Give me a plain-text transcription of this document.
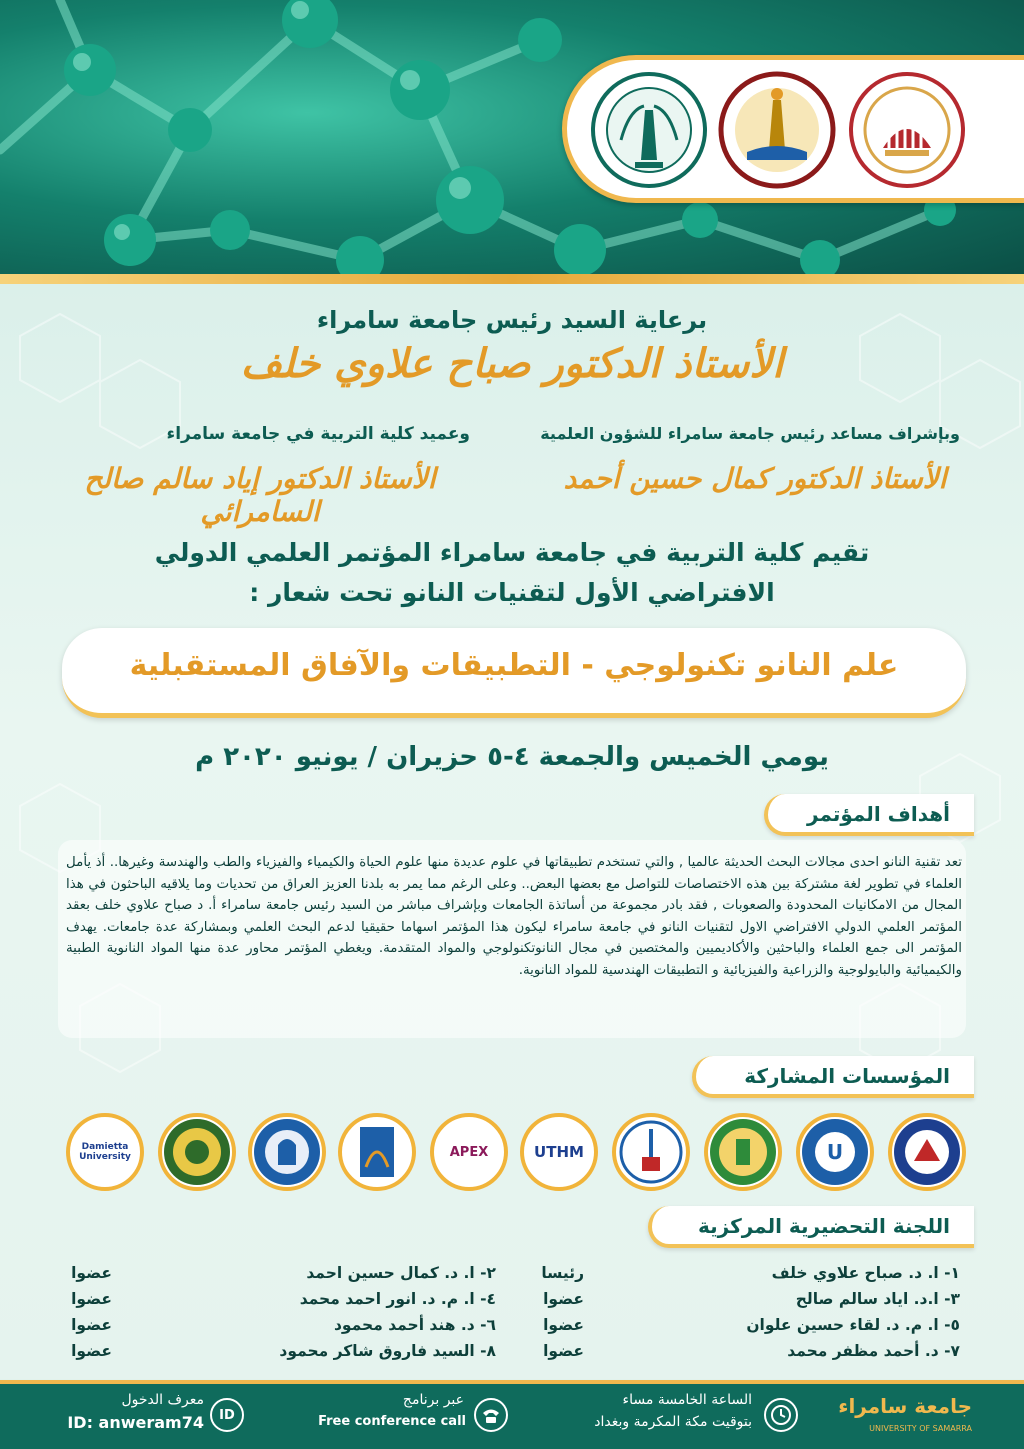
برعاية السيد رئيس جامعة سامراء
الأستاذ الدكتور صباح علاوي خلف
وعميد كلية التربية في جامعة سامراء	وبإشراف مساعد رئيس جامعة سامراء للشؤون العلمية
الأستاذ الدكتور إياد سالم صالح السامرائي
الأستاذ الدكتور كمال حسين أحمد
تقيم كلية التربية في جامعة سامراء المؤتمر العلمي الدولي
الافتراضي الأول لتقنيات النانو تحت شعار :
علم النانو تكنولوجي - التطبيقات والآفاق المستقبلية
يومي الخميس والجمعة ٤-٥ حزيران / يونيو ٢٠٢٠ م
أهداف المؤتمر
تعد تقنية النانو احدى مجالات البحث الحديثة عالميا , والتي تستخدم تطبيقاتها في علوم عديدة منها علوم الحياة والكيمياء والفيزياء والطب والهندسة وغيرها.. أذ يأمل العلماء في تطوير لغة مشتركة بين هذه الاختصاصات للتواصل مع بعضها البعض.. وعلى الرغم مما يمر به بلدنا العزيز العراق من تحديات وما يلاقيه الباحثون في هذا المجال من الامكانيات المحدودة والصعوبات , فقد بادر مجموعة من أساتذة الجامعات وبإشراف مباشر من السيد رئيس جامعة سامراء أ. د صباح علاوي خلف بعقد المؤتمر العلمي الدولي الافتراضي الاول لتقنيات النانو في جامعة سامراء ليكون هذا المؤتمر اسهاما حقيقيا لدعم البحث العلمي وبمشاركة عدة جامعات. يهدف المؤتمر الى جمع العلماء والباحثين والأكاديميين والمختصين في مجال النانوتكنولوجي والمواد المتقدمة. ويغطي المؤتمر محاور عدة منها المواد النانوية الطبية والكيميائية والبايولوجية والزراعية والفيزيائية و التطبيقات الهندسية للمواد النانوية.
المؤسسات المشاركة
U
UTHM
APEX
Damietta University
اللجنة التحضيرية المركزية
١- ا. د. صباح علاوي خلف
رئيسا
٣- ا.د. اياد سالم صالح
عضوا
٥- ا. م. د. لقاء حسين علوان
عضوا
٧- د. أحمد مظفر محمد
عضوا
٢- ا. د. كمال حسين احمد
عضوا
٤- ا. م. د. انور احمد محمد
عضوا
٦- د. هند أحمد محمود
عضوا
٨- السيد فاروق شاكر محمود
عضوا
جامعة سامراء
UNIVERSITY OF SAMARRA
الساعة الخامسة مساء
بتوقيت مكة المكرمة وبغداد
عبر برنامج
Free conference call
ID
معرف الدخول
ID: anweram74
